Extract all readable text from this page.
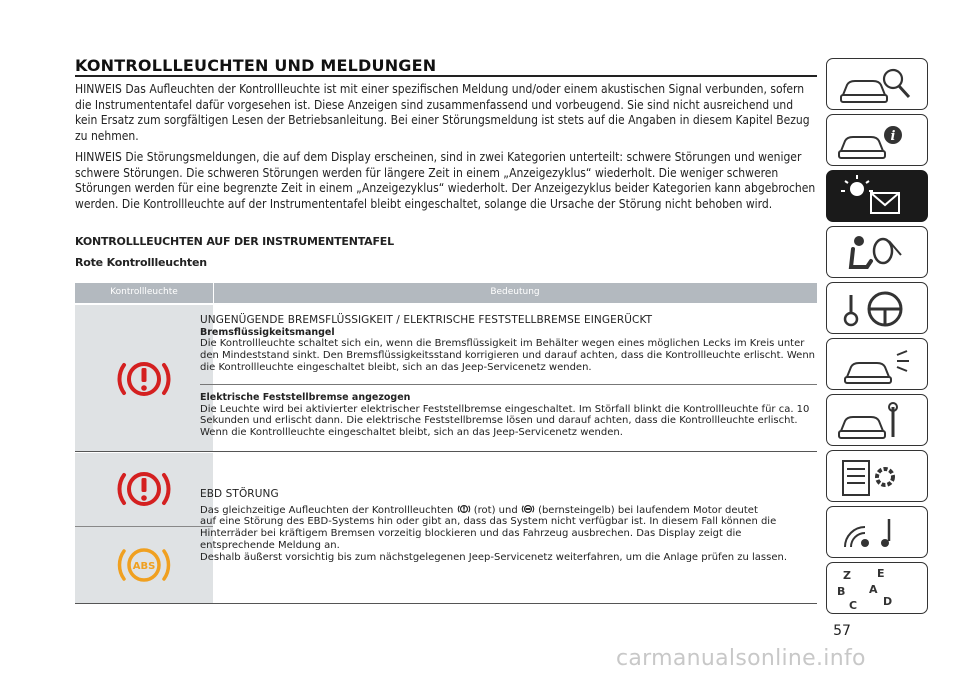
KONTROLLLEUCHTEN UND MELDUNGEN

HINWEIS Das Aufleuchten der Kontrollleuchte ist mit einer spezifischen Meldung und/oder einem akustischen Signal verbunden, sofern die Instrumententafel dafür vorgesehen ist. Diese Anzeigen sind zusammenfassend und vorbeugend. Sie sind nicht ausreichend und kein Ersatz zum sorgfältigen Lesen der Betriebsanleitung. Bei einer Störungsmeldung ist stets auf die Angaben in diesem Kapitel Bezug zu nehmen.

HINWEIS Die Störungsmeldungen, die auf dem Display erscheinen, sind in zwei Kategorien unterteilt: schwere Störungen und weniger schwere Störungen. Die schweren Störungen werden für längere Zeit in einem „Anzeigezyklus“ wiederholt. Die weniger schweren Störungen werden für eine begrenzte Zeit in einem „Anzeigezyklus“ wiederholt. Der Anzeigezyklus beider Kategorien kann abgebrochen werden. Die Kontrollleuchte auf der Instrumententafel bleibt eingeschaltet, solange die Ursache der Störung nicht behoben wird.

KONTROLLLEUCHTEN AUF DER INSTRUMENTENTAFEL
Rote Kontrollleuchten
Kontrollleuchte	Bedeutung

UNGENÜGENDE BREMSFLÜSSIGKEIT / ELEKTRISCHE FESTSTELLBREMSE EINGERÜCKT

Bremsflüssigkeitsmangel

Die Kontrollleuchte schaltet sich ein, wenn die Bremsflüssigkeit im Behälter wegen eines möglichen Lecks im Kreis unter den Mindeststand sinkt. Den Bremsflüssigkeitsstand korrigieren und darauf achten, dass die Kontrollleuchte erlischt. Wenn die Kontrollleuchte eingeschaltet bleibt, sich an das Jeep-Servicenetz wenden.

Elektrische Feststellbremse angezogen

Die Leuchte wird bei aktivierter elektrischer Feststellbremse eingeschaltet. Im Störfall blinkt die Kontrollleuchte für ca. 10 Sekunden und erlischt dann. Die elektrische Feststellbremse lösen und darauf achten, dass die Kontrollleuchte erlischt. Wenn die Kontrollleuchte eingeschaltet bleibt, sich an das Jeep-Servicenetz wenden.

ABS

EBD STÖRUNG

Das gleichzeitige Aufleuchten der Kontrollleuchten (rot) und (bernsteingelb) bei laufendem Motor deutet

auf eine Störung des EBD-Systems hin oder gibt an, dass das System nicht verfügbar ist. In diesem Fall können die Hinterräder bei kräftigem Bremsen vorzeitig blockieren und das Fahrzeug ausbrechen. Das Display zeigt die entsprechende Meldung an.

Deshalb äußerst vorsichtig bis zum nächstgelegenen Jeep-Servicenetz weiterfahren, um die Anlage prüfen zu lassen.

i
Z E
B A
C D
57
carmanualsonline.info
